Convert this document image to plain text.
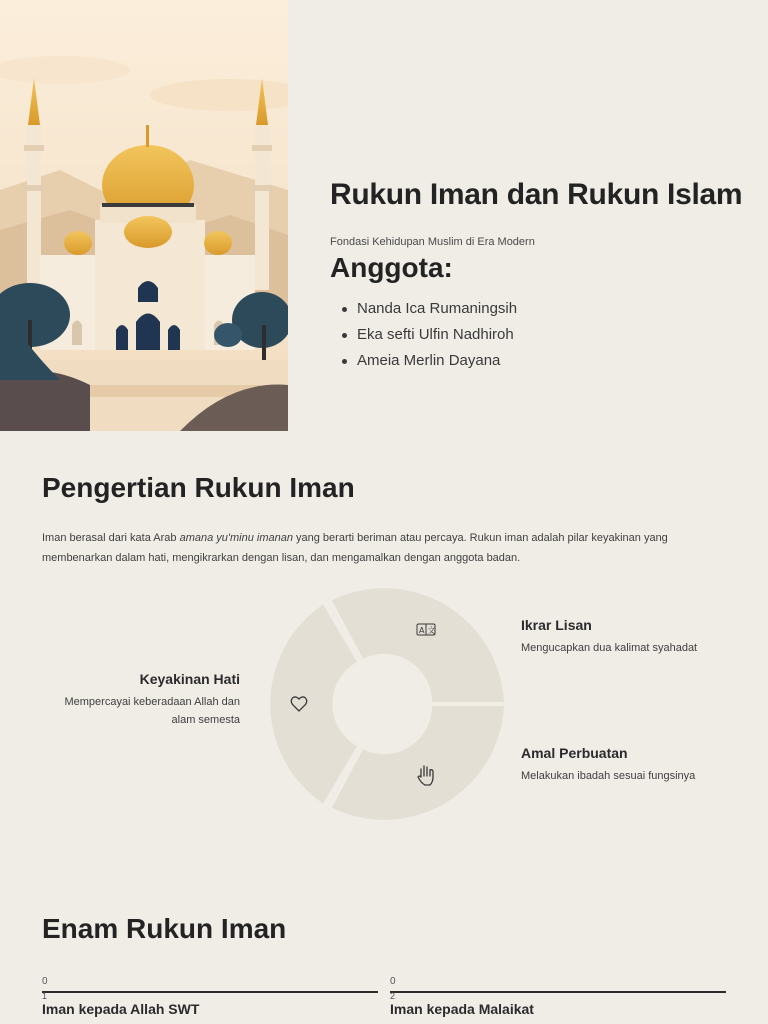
Rukun Iman dan Rukun Islam

Fondasi Kehidupan Muslim di Era Modern

Anggota:
Nanda Ica Rumaningsih
Eka sefti Ulfin Nadhiroh
Ameia Merlin Dayana
Pengertian Rukun Iman

Iman berasal dari kata Arab amana yu'minu imanan yang berarti beriman atau percaya. Rukun iman adalah pilar keyakinan yang membenarkan dalam hati, mengikrarkan dengan lisan, dan mengamalkan dengan anggota badan.

A 文	Ikrar Lisan
Mengucapkan dua kalimat syahadat
Amal Perbuatan
Melakukan ibadah sesuai fungsinya
Keyakinan Hati
Mempercayai keberadaan Allah dan alam semesta
Enam Rukun Iman
0
1
Iman kepada Allah SWT
0
2
Iman kepada Malaikat
